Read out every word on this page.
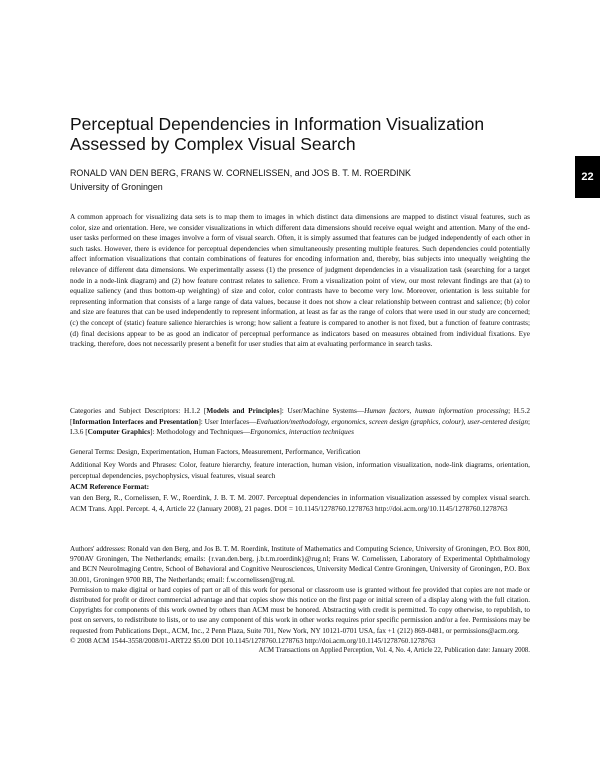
22
Perceptual Dependencies in Information Visualization Assessed by Complex Visual Search
RONALD VAN DEN BERG, FRANS W. CORNELISSEN, and JOS B. T. M. ROERDINK
University of Groningen

A common approach for visualizing data sets is to map them to images in which distinct data dimensions are mapped to distinct visual features, such as color, size and orientation. Here, we consider visualizations in which different data dimensions should receive equal weight and attention. Many of the end-user tasks performed on these images involve a form of visual search. Often, it is simply assumed that features can be judged independently of each other in such tasks. However, there is evidence for perceptual dependencies when simultaneously presenting multiple features. Such dependencies could potentially affect information visualizations that contain combinations of features for encoding information and, thereby, bias subjects into unequally weighting the relevance of different data dimensions. We experimentally assess (1) the presence of judgment dependencies in a visualization task (searching for a target node in a node-link diagram) and (2) how feature contrast relates to salience. From a visualization point of view, our most relevant findings are that (a) to equalize saliency (and thus bottom-up weighting) of size and color, color contrasts have to become very low. Moreover, orientation is less suitable for representing information that consists of a large range of data values, because it does not show a clear relationship between contrast and salience; (b) color and size are features that can be used independently to represent information, at least as far as the range of colors that were used in our study are concerned; (c) the concept of (static) feature salience hierarchies is wrong; how salient a feature is compared to another is not fixed, but a function of feature contrasts; (d) final decisions appear to be as good an indicator of perceptual performance as indicators based on measures obtained from individual fixations. Eye tracking, therefore, does not necessarily present a benefit for user studies that aim at evaluating performance in search tasks.

Categories and Subject Descriptors: H.1.2 [Models and Principles]: User/Machine Systems—Human factors, human information processing; H.5.2 [Information Interfaces and Presentation]: User Interfaces—Evaluation/methodology, ergonomics, screen design (graphics, colour), user-centered design; I.3.6 [Computer Graphics]: Methodology and Techniques—Ergonomics, interaction techniques

General Terms: Design, Experimentation, Human Factors, Measurement, Performance, Verification

Additional Key Words and Phrases: Color, feature hierarchy, feature interaction, human vision, information visualization, node-link diagrams, orientation, perceptual dependencies, psychophysics, visual features, visual search

ACM Reference Format:

van den Berg, R., Cornelissen, F. W., Roerdink, J. B. T. M. 2007. Perceptual dependencies in information visualization assessed by complex visual search. ACM Trans. Appl. Percept. 4, 4, Article 22 (January 2008), 21 pages. DOI = 10.1145/1278760.1278763 http://doi.acm.org/10.1145/1278760.1278763

Authors' addresses: Ronald van den Berg, and Jos B. T. M. Roerdink, Institute of Mathematics and Computing Science, University of Groningen, P.O. Box 800, 9700AV Groningen, The Netherlands; emails: {r.van.den.berg, j.b.t.m.roerdink}@rug.nl; Frans W. Cornelissen, Laboratory of Experimental Ophthalmology and BCN NeuroImaging Centre, School of Behavioral and Cognitive Neurosciences, University Medical Centre Groningen, University of Groningen, P.O. Box 30.001, Groningen 9700 RB, The Netherlands; email: f.w.cornelissen@rug.nl.

Permission to make digital or hard copies of part or all of this work for personal or classroom use is granted without fee provided that copies are not made or distributed for profit or direct commercial advantage and that copies show this notice on the first page or initial screen of a display along with the full citation. Copyrights for components of this work owned by others than ACM must be honored. Abstracting with credit is permitted. To copy otherwise, to republish, to post on servers, to redistribute to lists, or to use any component of this work in other works requires prior specific permission and/or a fee. Permissions may be requested from Publications Dept., ACM, Inc., 2 Penn Plaza, Suite 701, New York, NY 10121-0701 USA, fax +1 (212) 869-0481, or permissions@acm.org.

© 2008 ACM 1544-3558/2008/01-ART22 $5.00 DOI 10.1145/1278760.1278763 http://doi.acm.org/10.1145/1278760.1278763

ACM Transactions on Applied Perception, Vol. 4, No. 4, Article 22, Publication date: January 2008.
